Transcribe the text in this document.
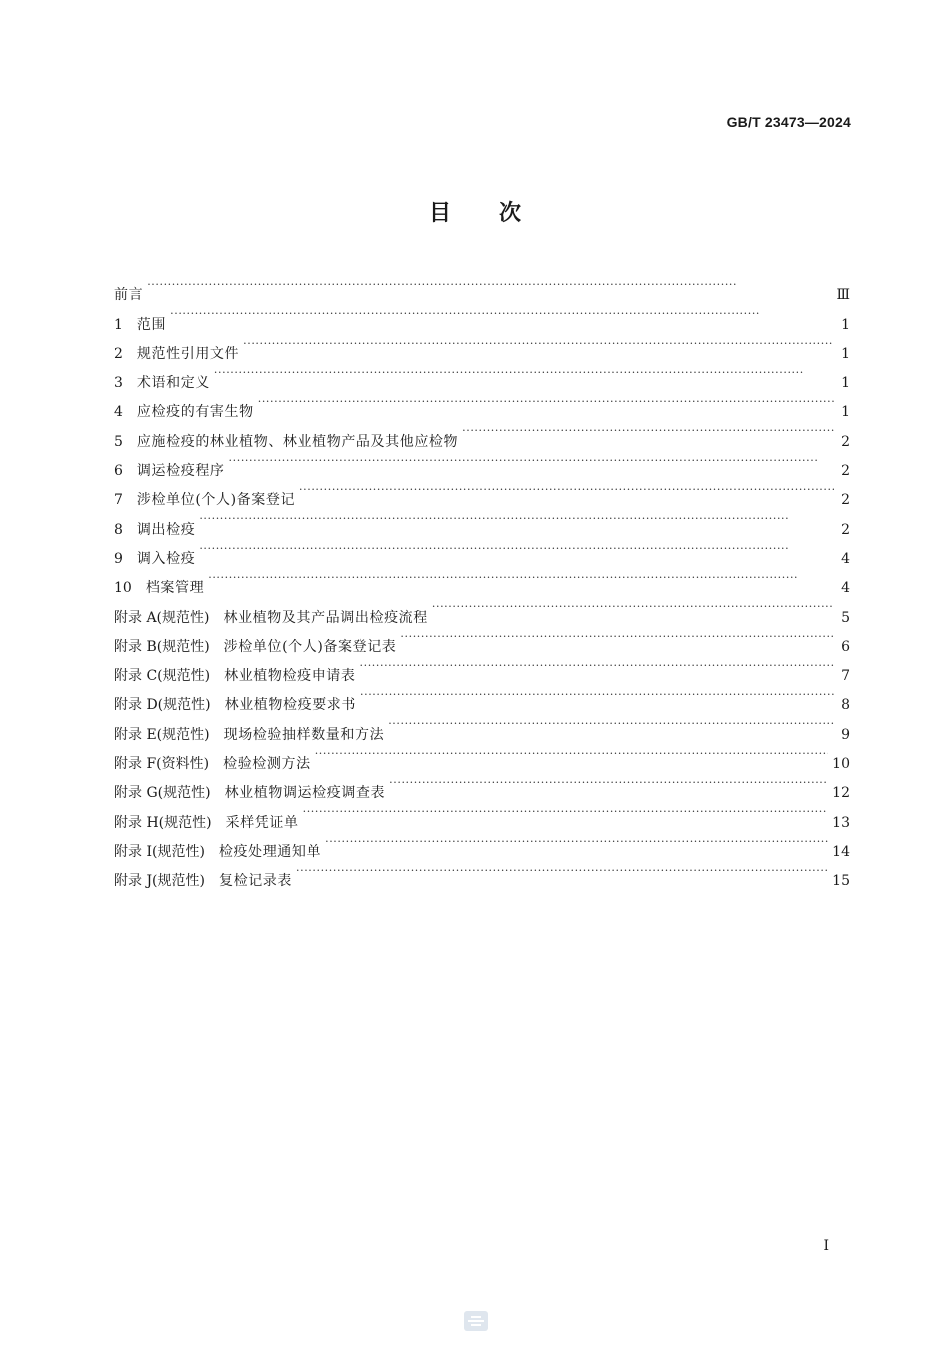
GB/T 23473—2024
目次
前言 ·····	Ⅲ
1	范围 ·····	1
2	规范性引用文件 ·····	1
3	术语和定义 ·····	1
4	应检疫的有害生物 ·····	1
5	应施检疫的林业植物、林业植物产品及其他应检物 ·····	2
6	调运检疫程序 ·····	2
7	涉检单位(个人)备案登记 ·····	2
8	调出检疫 ·····	2
9	调入检疫 ·····	4
10	档案管理 ·····	4
附录 A(规范性)	林业植物及其产品调出检疫流程 ·····	5
附录 B(规范性)	涉检单位(个人)备案登记表 ·····	6
附录 C(规范性)	林业植物检疫申请表 ·····	7
附录 D(规范性)	林业植物检疫要求书 ·····	8
附录 E(规范性)	现场检验抽样数量和方法 ·····	9
附录 F(资料性)	检验检测方法 ·····	10
附录 G(规范性)	林业植物调运检疫调查表 ·····	12
附录 H(规范性)	采样凭证单 ·····	13
附录 I(规范性)	检疫处理通知单 ·····	14
附录 J(规范性)	复检记录表 ·····	15
I
